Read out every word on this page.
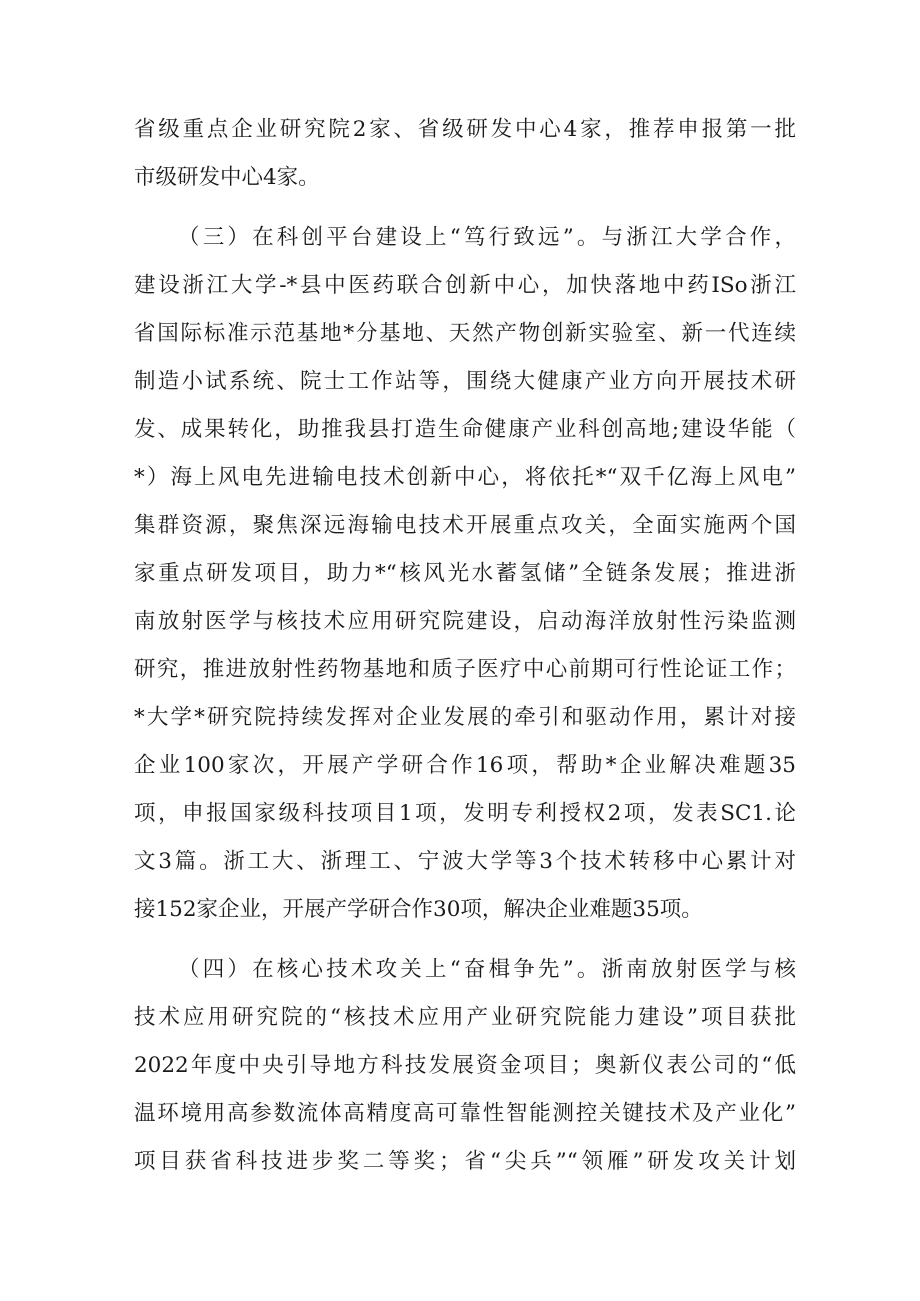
省级重点企业研究院2家、省级研发中心4家，推荐申报第一批

市级研发中心4家。

（三）在科创平台建设上“笃行致远”。与浙江大学合作，

建设浙江大学-*县中医药联合创新中心，加快落地中药ISo浙江

省国际标准示范基地*分基地、天然产物创新实验室、新一代连续

制造小试系统、院士工作站等，围绕大健康产业方向开展技术研

发、成果转化，助推我县打造生命健康产业科创高地;建设华能（

*）海上风电先进输电技术创新中心，将依托*“双千亿海上风电”

集群资源，聚焦深远海输电技术开展重点攻关，全面实施两个国

家重点研发项目，助力*“核风光水蓄氢储”全链条发展；推进浙

南放射医学与核技术应用研究院建设，启动海洋放射性污染监测

研究，推进放射性药物基地和质子医疗中心前期可行性论证工作；

*大学*研究院持续发挥对企业发展的牵引和驱动作用，累计对接

企业100家次，开展产学研合作16项，帮助*企业解决难题35

项，申报国家级科技项目1项，发明专利授权2项，发表SC1.论

文3篇。浙工大、浙理工、宁波大学等3个技术转移中心累计对

接152家企业，开展产学研合作30项，解决企业难题35项。

（四）在核心技术攻关上“奋楫争先”。浙南放射医学与核

技术应用研究院的“核技术应用产业研究院能力建设”项目获批

2022年度中央引导地方科技发展资金项目；奥新仪表公司的“低

温环境用高参数流体高精度高可靠性智能测控关键技术及产业化”

项目获省科技进步奖二等奖；省“尖兵”“领雁”研发攻关计划
